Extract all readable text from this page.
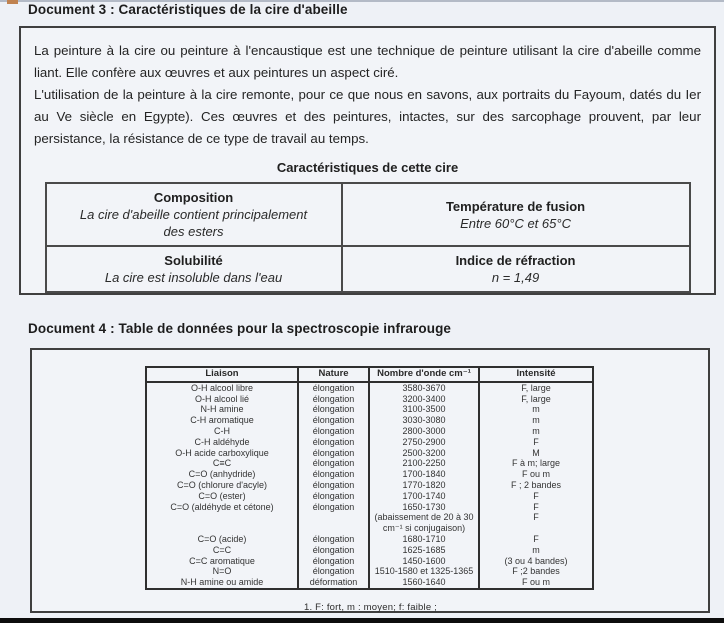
Document 3 : Caractéristiques de la cire d'abeille

La peinture à la cire ou peinture à l'encaustique est une technique de peinture utilisant la cire d'abeille comme liant. Elle confère aux œuvres et aux peintures un aspect ciré.

L'utilisation de la peinture à la cire remonte, pour ce que nous en savons, aux portraits du Fayoum, datés du Ier au Ve siècle en Egypte). Ces œuvres et des peintures, intactes, sur des sarcophage prouvent, par leur persistance, la résistance de ce type de travail au temps.

Caractéristiques de cette cire
Composition
La cire d'abeille contient principalement des esters

Température de fusion
Entre 60°C et 65°C

Solubilité
La cire est insoluble dans l'eau

Indice de réfraction
n = 1,49
Document 4 : Table de données pour la spectroscopie infrarouge
Liaison	Nature	Nombre d'onde cm⁻¹	Intensité
O-H alcool libre	élongation	3580-3670	F, large
O-H alcool lié	élongation	3200-3400	F, large
N-H amine	élongation	3100-3500	m
C-H aromatique	élongation	3030-3080	m
C-H	élongation	2800-3000	m
C-H aldéhyde	élongation	2750-2900	F
O-H acide carboxylique	élongation	2500-3200	M
C≡C	élongation	2100-2250	F à m; large
C=O (anhydride)	élongation	1700-1840	F ou m
C=O (chlorure d'acyle)	élongation	1770-1820	F ; 2 bandes
C=O (ester)	élongation	1700-1740	F
C=O (aldéhyde et cétone)	élongation	1650-1730	F
		(abaissement de 20 à 30 cm⁻¹ si conjugaison)	F
C=O (acide)	élongation	1680-1710	F
C=C	élongation	1625-1685	m
C=C aromatique	élongation	1450-1600	(3 ou 4 bandes)
N=O	élongation	1510-1580 et 1325-1365	F ;2 bandes
N-H amine ou amide	déformation	1560-1640	F ou m
1. F: fort, m : moyen; f: faible ;
